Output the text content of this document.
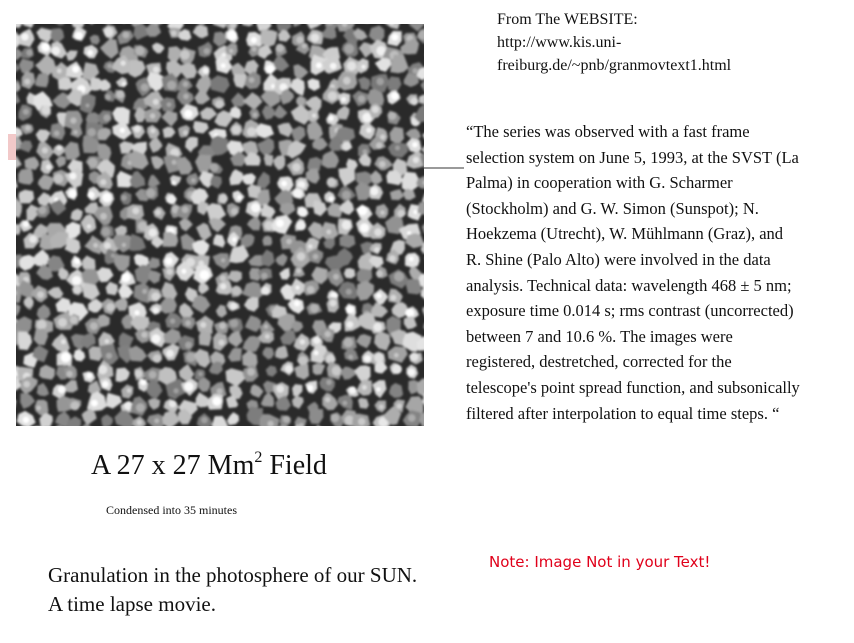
From The WEBSITE:
http://www.kis.uni-
freiburg.de/~pnb/granmovtext1.html
“The series was observed with a fast frame selection system on June 5, 1993, at the SVST (La Palma) in cooperation with G. Scharmer (Stockholm) and G. W. Simon (Sunspot); N. Hoekzema (Utrecht), W. Mühlmann (Graz), and R. Shine (Palo Alto) were involved in the data analysis. Technical data: wavelength 468 ± 5 nm; exposure time 0.014 s; rms contrast (uncorrected) between 7 and 10.6 %. The images were registered, destretched, corrected for the telescope's point spread function, and subsonically filtered after interpolation to equal time steps. “
A 27 x 27 Mm$^2$ Field
Condensed into 35 minutes
Granulation in the photosphere of our SUN. A time lapse movie.
Note: Image Not in your Text!
